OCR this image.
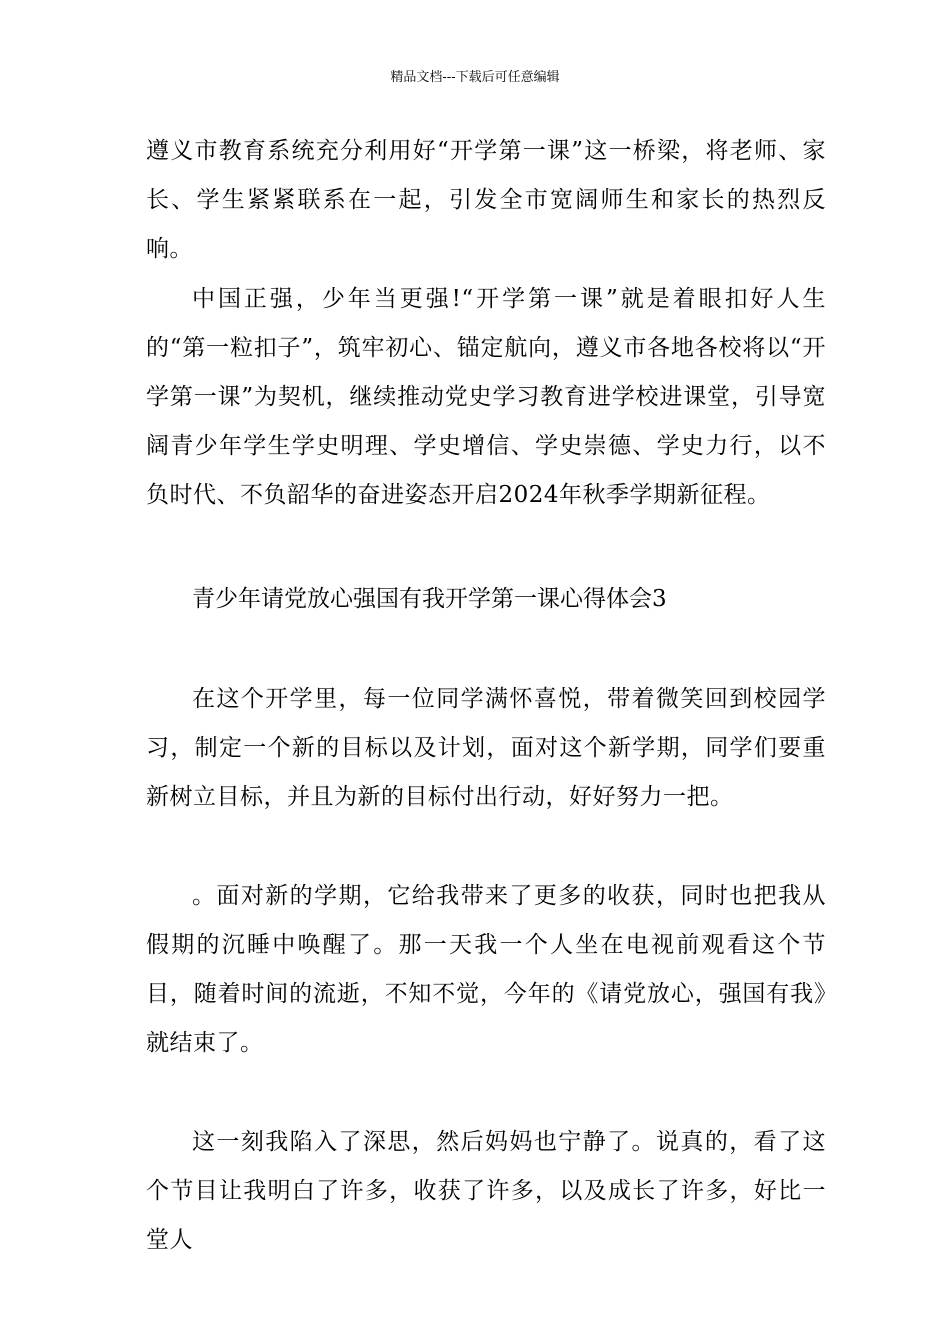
精品文档---下载后可任意编辑
遵义市教育系统充分利用好“开学第一课”这一桥梁，将老师、家长、学生紧紧联系在一起，引发全市宽阔师生和家长的热烈反响。
中国正强，少年当更强!“开学第一课”就是着眼扣好人生的“第一粒扣子”，筑牢初心、锚定航向，遵义市各地各校将以“开学第一课”为契机，继续推动党史学习教育进学校进课堂，引导宽阔青少年学生学史明理、学史增信、学史崇德、学史力行，以不负时代、不负韶华的奋进姿态开启2024年秋季学期新征程。
青少年请党放心强国有我开学第一课心得体会3
在这个开学里，每一位同学满怀喜悦，带着微笑回到校园学习，制定一个新的目标以及计划，面对这个新学期，同学们要重新树立目标，并且为新的目标付出行动，好好努力一把。
。面对新的学期，它给我带来了更多的收获，同时也把我从假期的沉睡中唤醒了。那一天我一个人坐在电视前观看这个节目，随着时间的流逝，不知不觉，今年的《请党放心，强国有我》就结束了。
这一刻我陷入了深思，然后妈妈也宁静了。说真的，看了这个节目让我明白了许多，收获了许多，以及成长了许多，好比一堂人
